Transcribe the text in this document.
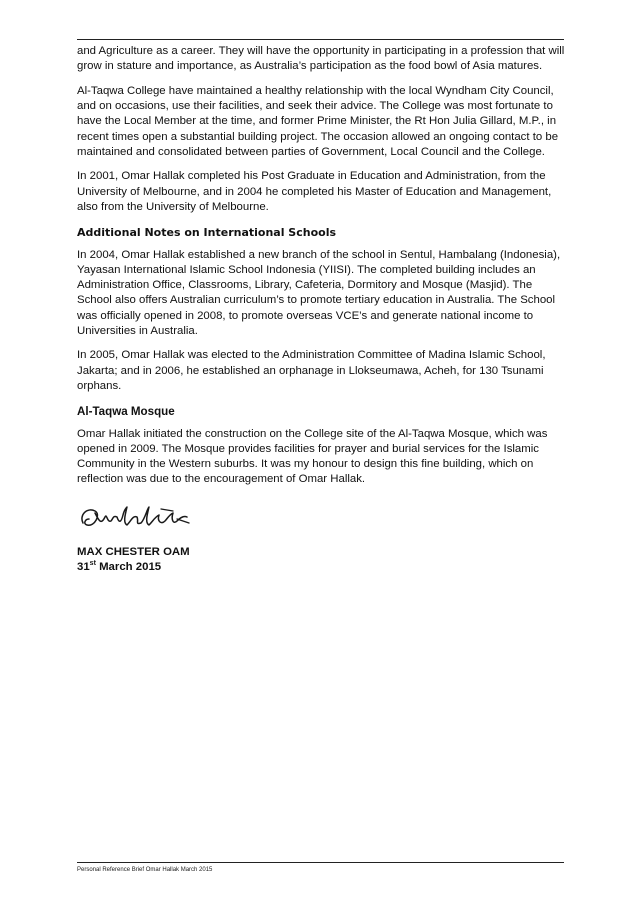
and Agriculture as a career. They will have the opportunity in participating in a profession that will grow in stature and importance, as Australia’s participation as the food bowl of Asia matures.

Al-Taqwa College have maintained a healthy relationship with the local Wyndham City Council, and on occasions, use their facilities, and seek their advice. The College was most fortunate to have the Local Member at the time, and former Prime Minister, the Rt Hon Julia Gillard, M.P., in recent times open a substantial building project. The occasion allowed an ongoing contact to be maintained and consolidated between parties of Government, Local Council and the College.

In 2001, Omar Hallak completed his Post Graduate in Education and Administration, from the University of Melbourne, and in 2004 he completed his Master of Education and Management, also from the University of Melbourne.

Additional Notes on International Schools

In 2004, Omar Hallak established a new branch of the school in Sentul, Hambalang (Indonesia), Yayasan International Islamic School Indonesia (YIISI). The completed building includes an Administration Office, Classrooms, Library, Cafeteria, Dormitory and Mosque (Masjid). The School also offers Australian curriculum’s to promote tertiary education in Australia. The School was officially opened in 2008, to promote overseas VCE’s and generate national income to Universities in Australia.

In 2005, Omar Hallak was elected to the Administration Committee of Madina Islamic School, Jakarta; and in 2006, he established an orphanage in Llokseumawa, Acheh, for 130 Tsunami orphans.

Al-Taqwa Mosque

Omar Hallak initiated the construction on the College site of the Al-Taqwa Mosque, which was opened in 2009. The Mosque provides facilities for prayer and burial services for the Islamic Community in the Western suburbs. It was my honour to design this fine building, which on reflection was due to the encouragement of Omar Hallak.

MAX CHESTER OAM
31st March 2015
Personal Reference Brief Omar Hallak March 2015
